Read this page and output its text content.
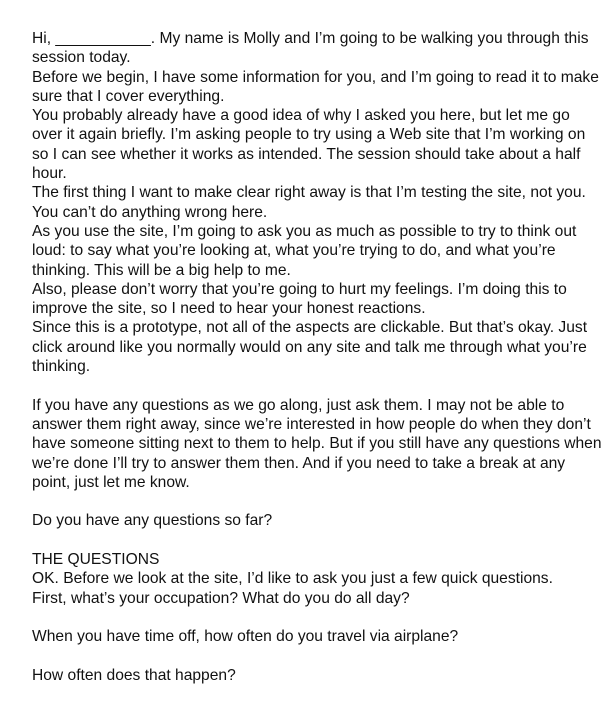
Hi, ___________. My name is Molly and I’m going to be walking you through this session today.

Before we begin, I have some information for you, and I’m going to read it to make sure that I cover everything.

You probably already have a good idea of why I asked you here, but let me go over it again briefly. I’m asking people to try using a Web site that I’m working on so I can see whether it works as intended. The session should take about a half hour.

The first thing I want to make clear right away is that I’m testing the site, not you. You can’t do anything wrong here.

As you use the site, I’m going to ask you as much as possible to try to think out loud: to say what you’re looking at, what you’re trying to do, and what you’re thinking. This will be a big help to me.

Also, please don’t worry that you’re going to hurt my feelings. I’m doing this to improve the site, so I need to hear your honest reactions.

Since this is a prototype, not all of the aspects are clickable. But that’s okay. Just click around like you normally would on any site and talk me through what you’re thinking.

If you have any questions as we go along, just ask them. I may not be able to answer them right away, since we’re interested in how people do when they don’t have someone sitting next to them to help. But if you still have any questions when we’re done I’ll try to answer them then. And if you need to take a break at any point, just let me know.

Do you have any questions so far?

THE QUESTIONS

OK. Before we look at the site, I’d like to ask you just a few quick questions.

First, what’s your occupation? What do you do all day?

When you have time off, how often do you travel via airplane?

How often does that happen?
